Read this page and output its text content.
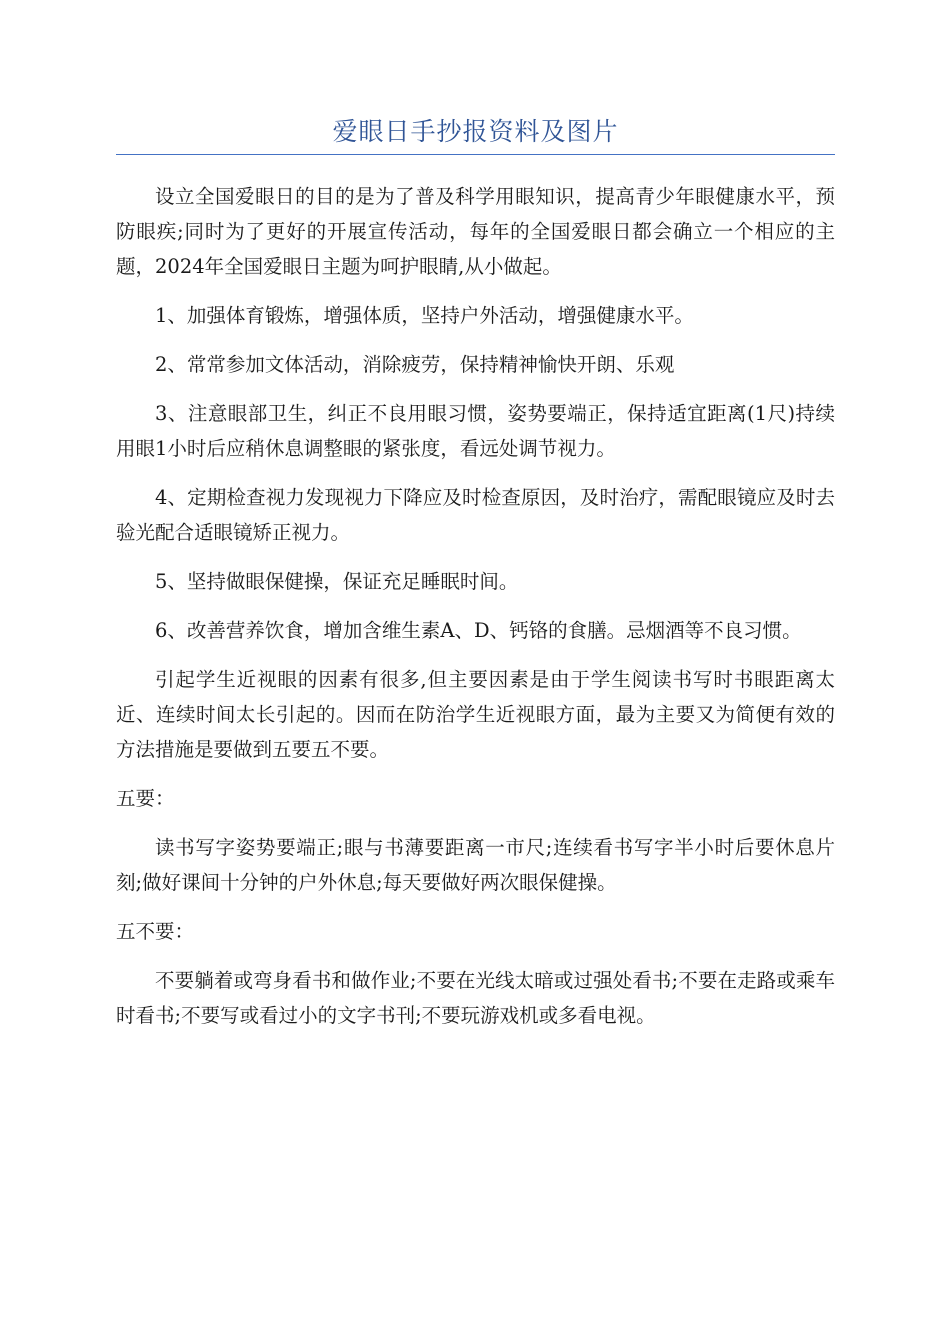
爱眼日手抄报资料及图片

设立全国爱眼日的目的是为了普及科学用眼知识，提高青少年眼健康水平，预防眼疾;同时为了更好的开展宣传活动，每年的全国爱眼日都会确立一个相应的主题，2024年全国爱眼日主题为呵护眼睛,从小做起。

1、加强体育锻炼，增强体质，坚持户外活动，增强健康水平。

2、常常参加文体活动，消除疲劳，保持精神愉快开朗、乐观

3、注意眼部卫生，纠正不良用眼习惯，姿势要端正，保持适宜距离(1尺)持续用眼1小时后应稍休息调整眼的紧张度，看远处调节视力。

4、定期检查视力发现视力下降应及时检查原因，及时治疗，需配眼镜应及时去验光配合适眼镜矫正视力。

5、坚持做眼保健操，保证充足睡眠时间。

6、改善营养饮食，增加含维生素A、D、钙铬的食膳。忌烟酒等不良习惯。

引起学生近视眼的因素有很多,但主要因素是由于学生阅读书写时书眼距离太近、连续时间太长引起的。因而在防治学生近视眼方面，最为主要又为简便有效的方法措施是要做到五要五不要。

五要：

读书写字姿势要端正;眼与书薄要距离一市尺;连续看书写字半小时后要休息片刻;做好课间十分钟的户外休息;每天要做好两次眼保健操。

五不要：

不要躺着或弯身看书和做作业;不要在光线太暗或过强处看书;不要在走路或乘车时看书;不要写或看过小的文字书刊;不要玩游戏机或多看电视。
